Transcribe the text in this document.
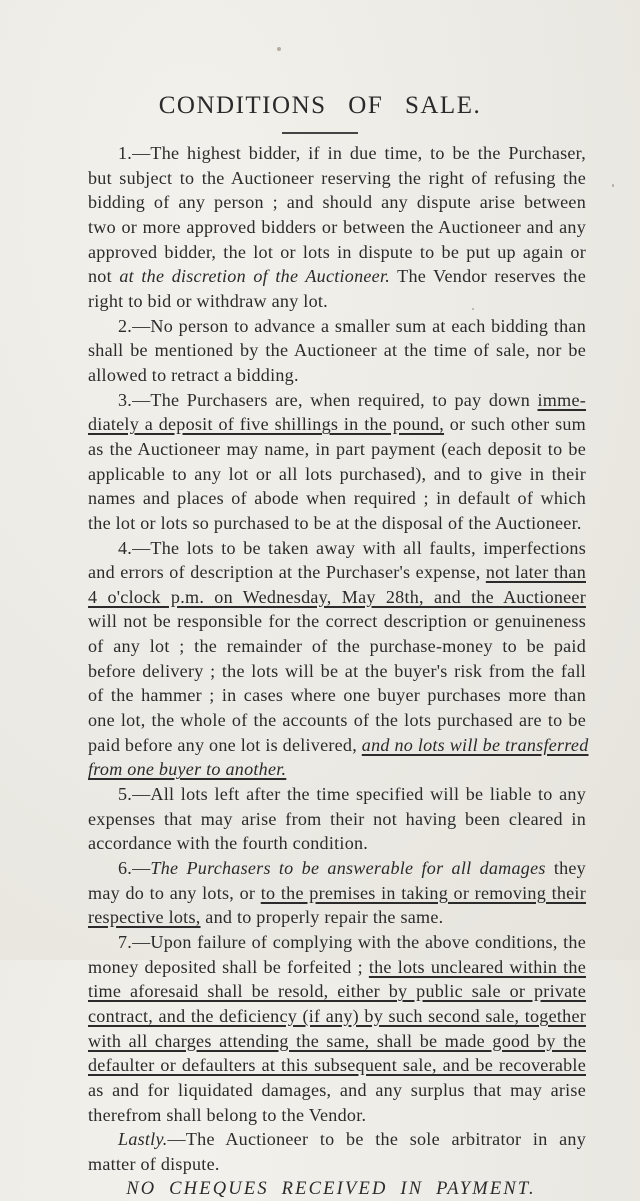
CONDITIONS OF SALE.
1.—The highest bidder, if in due time, to be the Purchaser,
but subject to the Auctioneer reserving the right of refusing the
bidding of any person ; and should any dispute arise between
two or more approved bidders or between the Auctioneer and any
approved bidder, the lot or lots in dispute to be put up again or
not at the discretion of the Auctioneer. The Vendor reserves the
right to bid or withdraw any lot.
2.—No person to advance a smaller sum at each bidding than
shall be mentioned by the Auctioneer at the time of sale, nor be
allowed to retract a bidding.
3.—The Purchasers are, when required, to pay down imme-
diately a deposit of five shillings in the pound, or such other sum
as the Auctioneer may name, in part payment (each deposit to be
applicable to any lot or all lots purchased), and to give in their
names and places of abode when required ; in default of which
the lot or lots so purchased to be at the disposal of the Auctioneer.
4.—The lots to be taken away with all faults, imperfections
and errors of description at the Purchaser's expense, not later than
4 o'clock p.m. on Wednesday, May 28th, and the Auctioneer
will not be responsible for the correct description or genuineness
of any lot ; the remainder of the purchase-money to be paid
before delivery ; the lots will be at the buyer's risk from the fall
of the hammer ; in cases where one buyer purchases more than
one lot, the whole of the accounts of the lots purchased are to be
paid before any one lot is delivered, and no lots will be transferred
from one buyer to another.
5.—All lots left after the time specified will be liable to any
expenses that may arise from their not having been cleared in
accordance with the fourth condition.
6.—The Purchasers to be answerable for all damages they
may do to any lots, or to the premises in taking or removing their
respective lots, and to properly repair the same.
7.—Upon failure of complying with the above conditions, the
money deposited shall be forfeited ; the lots uncleared within the
time aforesaid shall be resold, either by public sale or private
contract, and the deficiency (if any) by such second sale, together
with all charges attending the same, shall be made good by the
defaulter or defaulters at this subsequent sale, and be recoverable
as and for liquidated damages, and any surplus that may arise
therefrom shall belong to the Vendor.
Lastly.—The Auctioneer to be the sole arbitrator in any
matter of dispute.
NO CHEQUES RECEIVED IN PAYMENT.
